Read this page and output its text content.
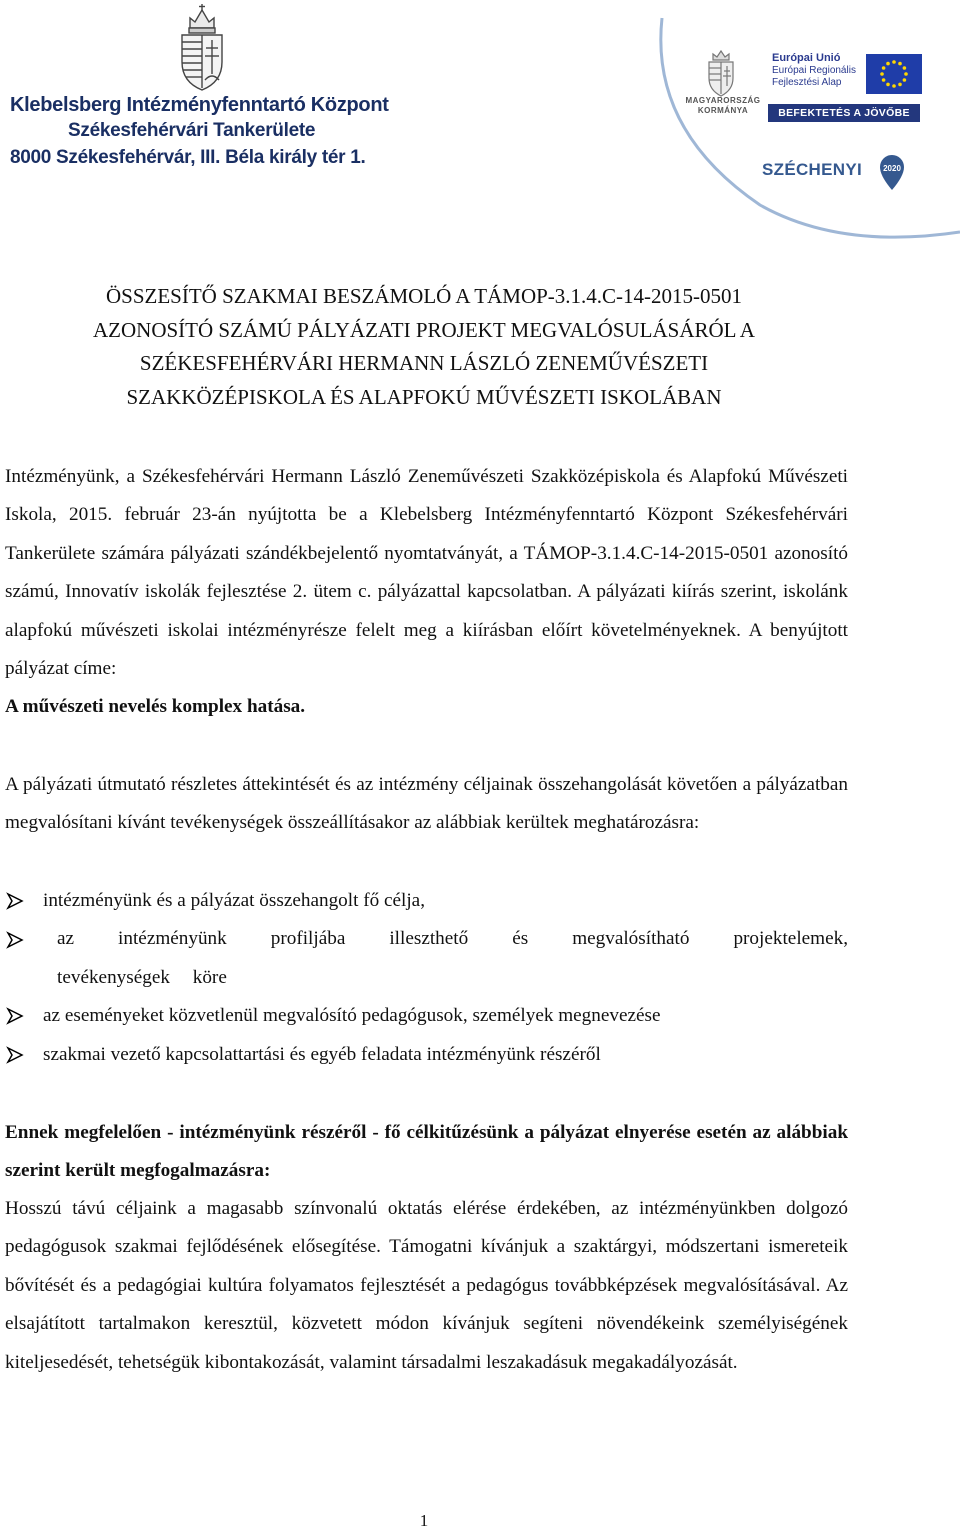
Klebelsberg Intézményfenntartó Központ
Székesfehérvári Tankerülete
8000 Székesfehérvár, III. Béla király tér 1.
MAGYARORSZÁG
KORMÁNYA
Európai Unió
Európai Regionális
Fejlesztési Alap
BEFEKTETÉS A JÖVŐBE
SZÉCHENYI	2020
ÖSSZESÍTŐ SZAKMAI BESZÁMOLÓ A TÁMOP-3.1.4.C-14-2015-0501
AZONOSÍTÓ SZÁMÚ PÁLYÁZATI PROJEKT MEGVALÓSULÁSÁRÓL A
SZÉKESFEHÉRVÁRI HERMANN LÁSZLÓ ZENEMŰVÉSZETI
SZAKKÖZÉPISKOLA ÉS ALAPFOKÚ MŰVÉSZETI ISKOLÁBAN
Intézményünk, a Székesfehérvári Hermann László Zeneművészeti Szakközépiskola és Alapfokú Művészeti Iskola, 2015. február 23-án nyújtotta be a Klebelsberg Intézményfenntartó Központ Székesfehérvári Tankerülete számára pályázati szándékbejelentő nyomtatványát, a TÁMOP-3.1.4.C-14-2015-0501 azonosító számú, Innovatív iskolák fejlesztése 2. ütem c. pályázattal kapcsolatban. A pályázati kiírás szerint, iskolánk alapfokú művészeti iskolai intézményrésze felelt meg a kiírásban előírt követelményeknek. A benyújtott pályázat címe:
A művészeti nevelés komplex hatása.
A pályázati útmutató részletes áttekintését és az intézmény céljainak összehangolását követően a pályázatban megvalósítani kívánt tevékenységek összeállításakor az alábbiak kerültek meghatározásra:
intézményünk és a pályázat összehangolt fő célja,
az intézményünk profiljába illeszthető és megvalósítható projektelemek, tevékenységek köre
az eseményeket közvetlenül megvalósító pedagógusok, személyek megnevezése
szakmai vezető kapcsolattartási és egyéb feladata intézményünk részéről
Ennek megfelelően - intézményünk részéről - fő célkitűzésünk a pályázat elnyerése esetén az alábbiak szerint került megfogalmazásra:
Hosszú távú céljaink a magasabb színvonalú oktatás elérése érdekében, az intézményünkben dolgozó pedagógusok szakmai fejlődésének elősegítése. Támogatni kívánjuk a szaktárgyi, módszertani ismereteik bővítését és a pedagógiai kultúra folyamatos fejlesztését a pedagógus továbbképzések megvalósításával. Az elsajátított tartalmakon keresztül, közvetett módon kívánjuk segíteni növendékeink személyiségének kiteljesedését, tehetségük kibontakozását, valamint társadalmi leszakadásuk megakadályozását.
1
